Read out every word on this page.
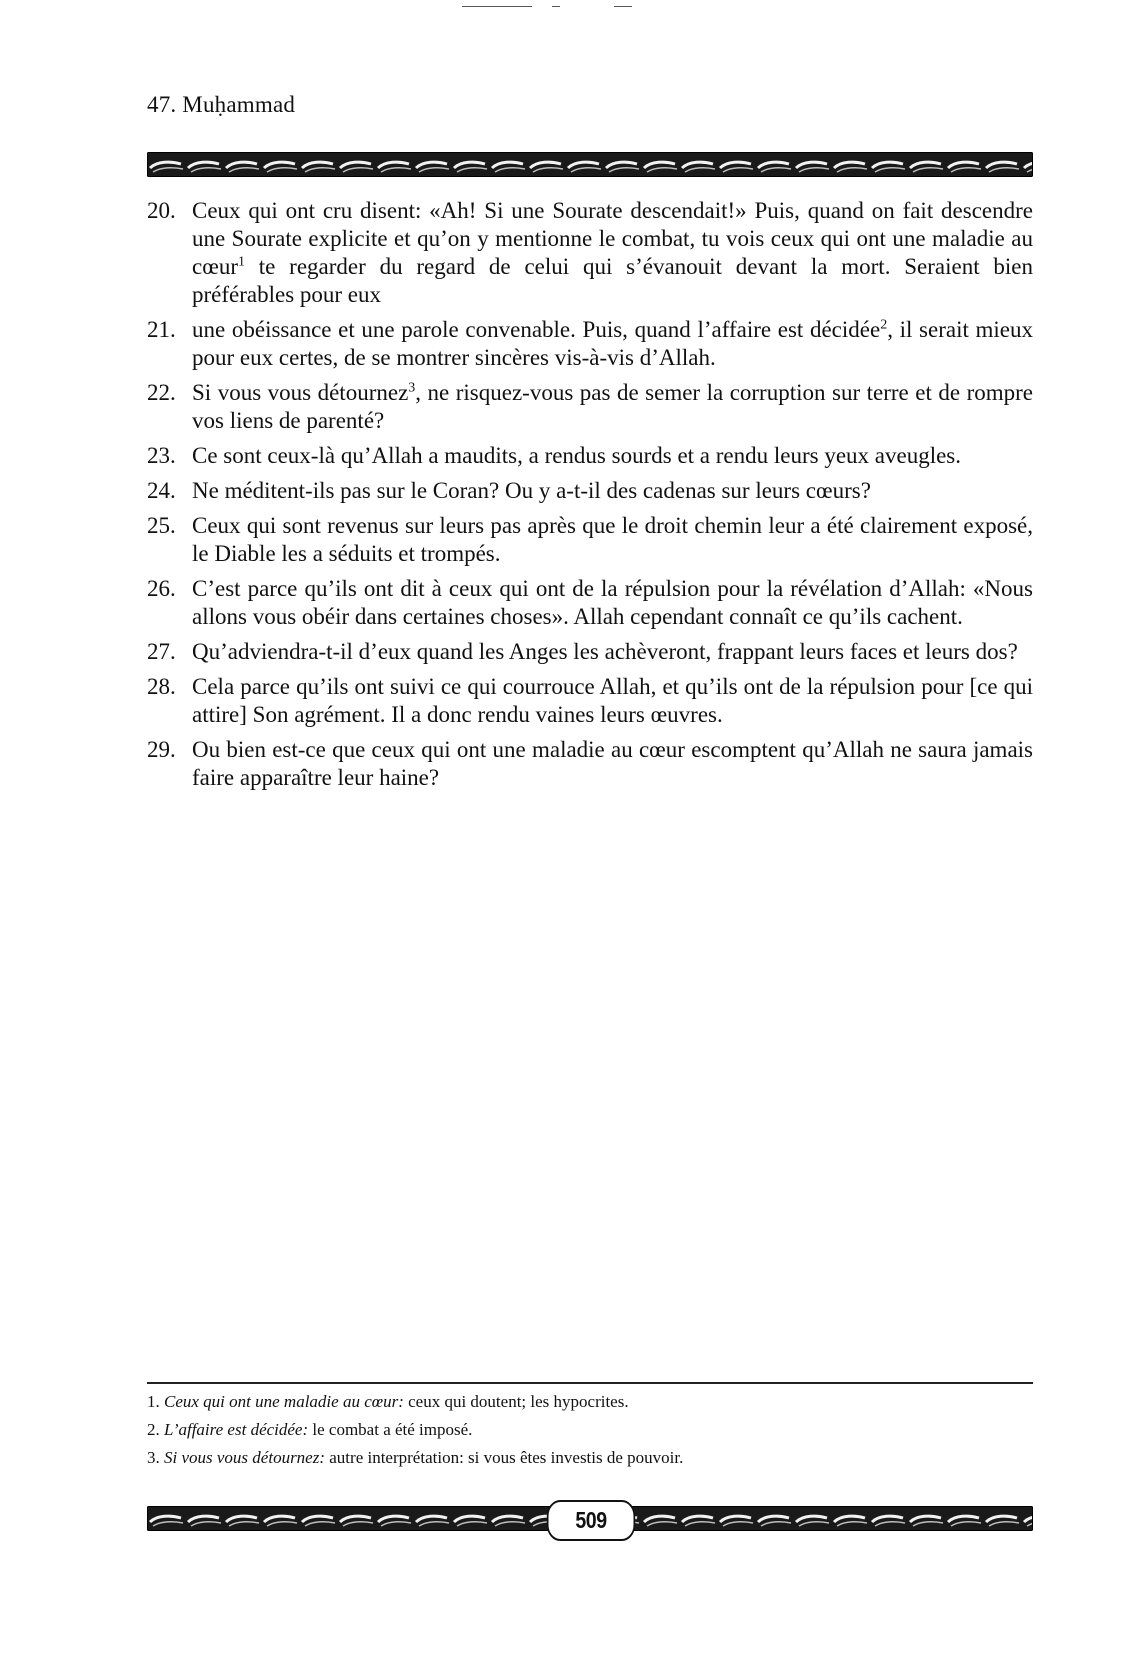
47. Muḥammad
20. Ceux qui ont cru disent: «Ah! Si une Sourate descendait!» Puis, quand on fait descendre une Sourate explicite et qu’on y mentionne le combat, tu vois ceux qui ont une maladie au cœur$^1$ te regarder du regard de celui qui s’évanouit devant la mort. Seraient bien préférables pour eux
21. une obéissance et une parole convenable. Puis, quand l’affaire est décidée$^2$, il serait mieux pour eux certes, de se montrer sincères vis-à-vis d’Allah.
22. Si vous vous détournez$^3$, ne risquez-vous pas de semer la corruption sur terre et de rompre vos liens de parenté?
23. Ce sont ceux-là qu’Allah a maudits, a rendus sourds et a rendu leurs yeux aveugles.
24. Ne méditent-ils pas sur le Coran? Ou y a-t-il des cadenas sur leurs cœurs?
25. Ceux qui sont revenus sur leurs pas après que le droit chemin leur a été clairement exposé, le Diable les a séduits et trompés.
26. C’est parce qu’ils ont dit à ceux qui ont de la répulsion pour la révélation d’Allah: «Nous allons vous obéir dans certaines choses». Allah cependant connaît ce qu’ils cachent.
27. Qu’adviendra-t-il d’eux quand les Anges les achèveront, frappant leurs faces et leurs dos?
28. Cela parce qu’ils ont suivi ce qui courrouce Allah, et qu’ils ont de la répulsion pour [ce qui attire] Son agrément. Il a donc rendu vaines leurs œuvres.
29. Ou bien est-ce que ceux qui ont une maladie au cœur escomptent qu’Allah ne saura jamais faire apparaître leur haine?
1. Ceux qui ont une maladie au cœur: ceux qui doutent; les hypocrites.
2. L’affaire est décidée: le combat a été imposé.
3. Si vous vous détournez: autre interprétation: si vous êtes investis de pouvoir.
509
